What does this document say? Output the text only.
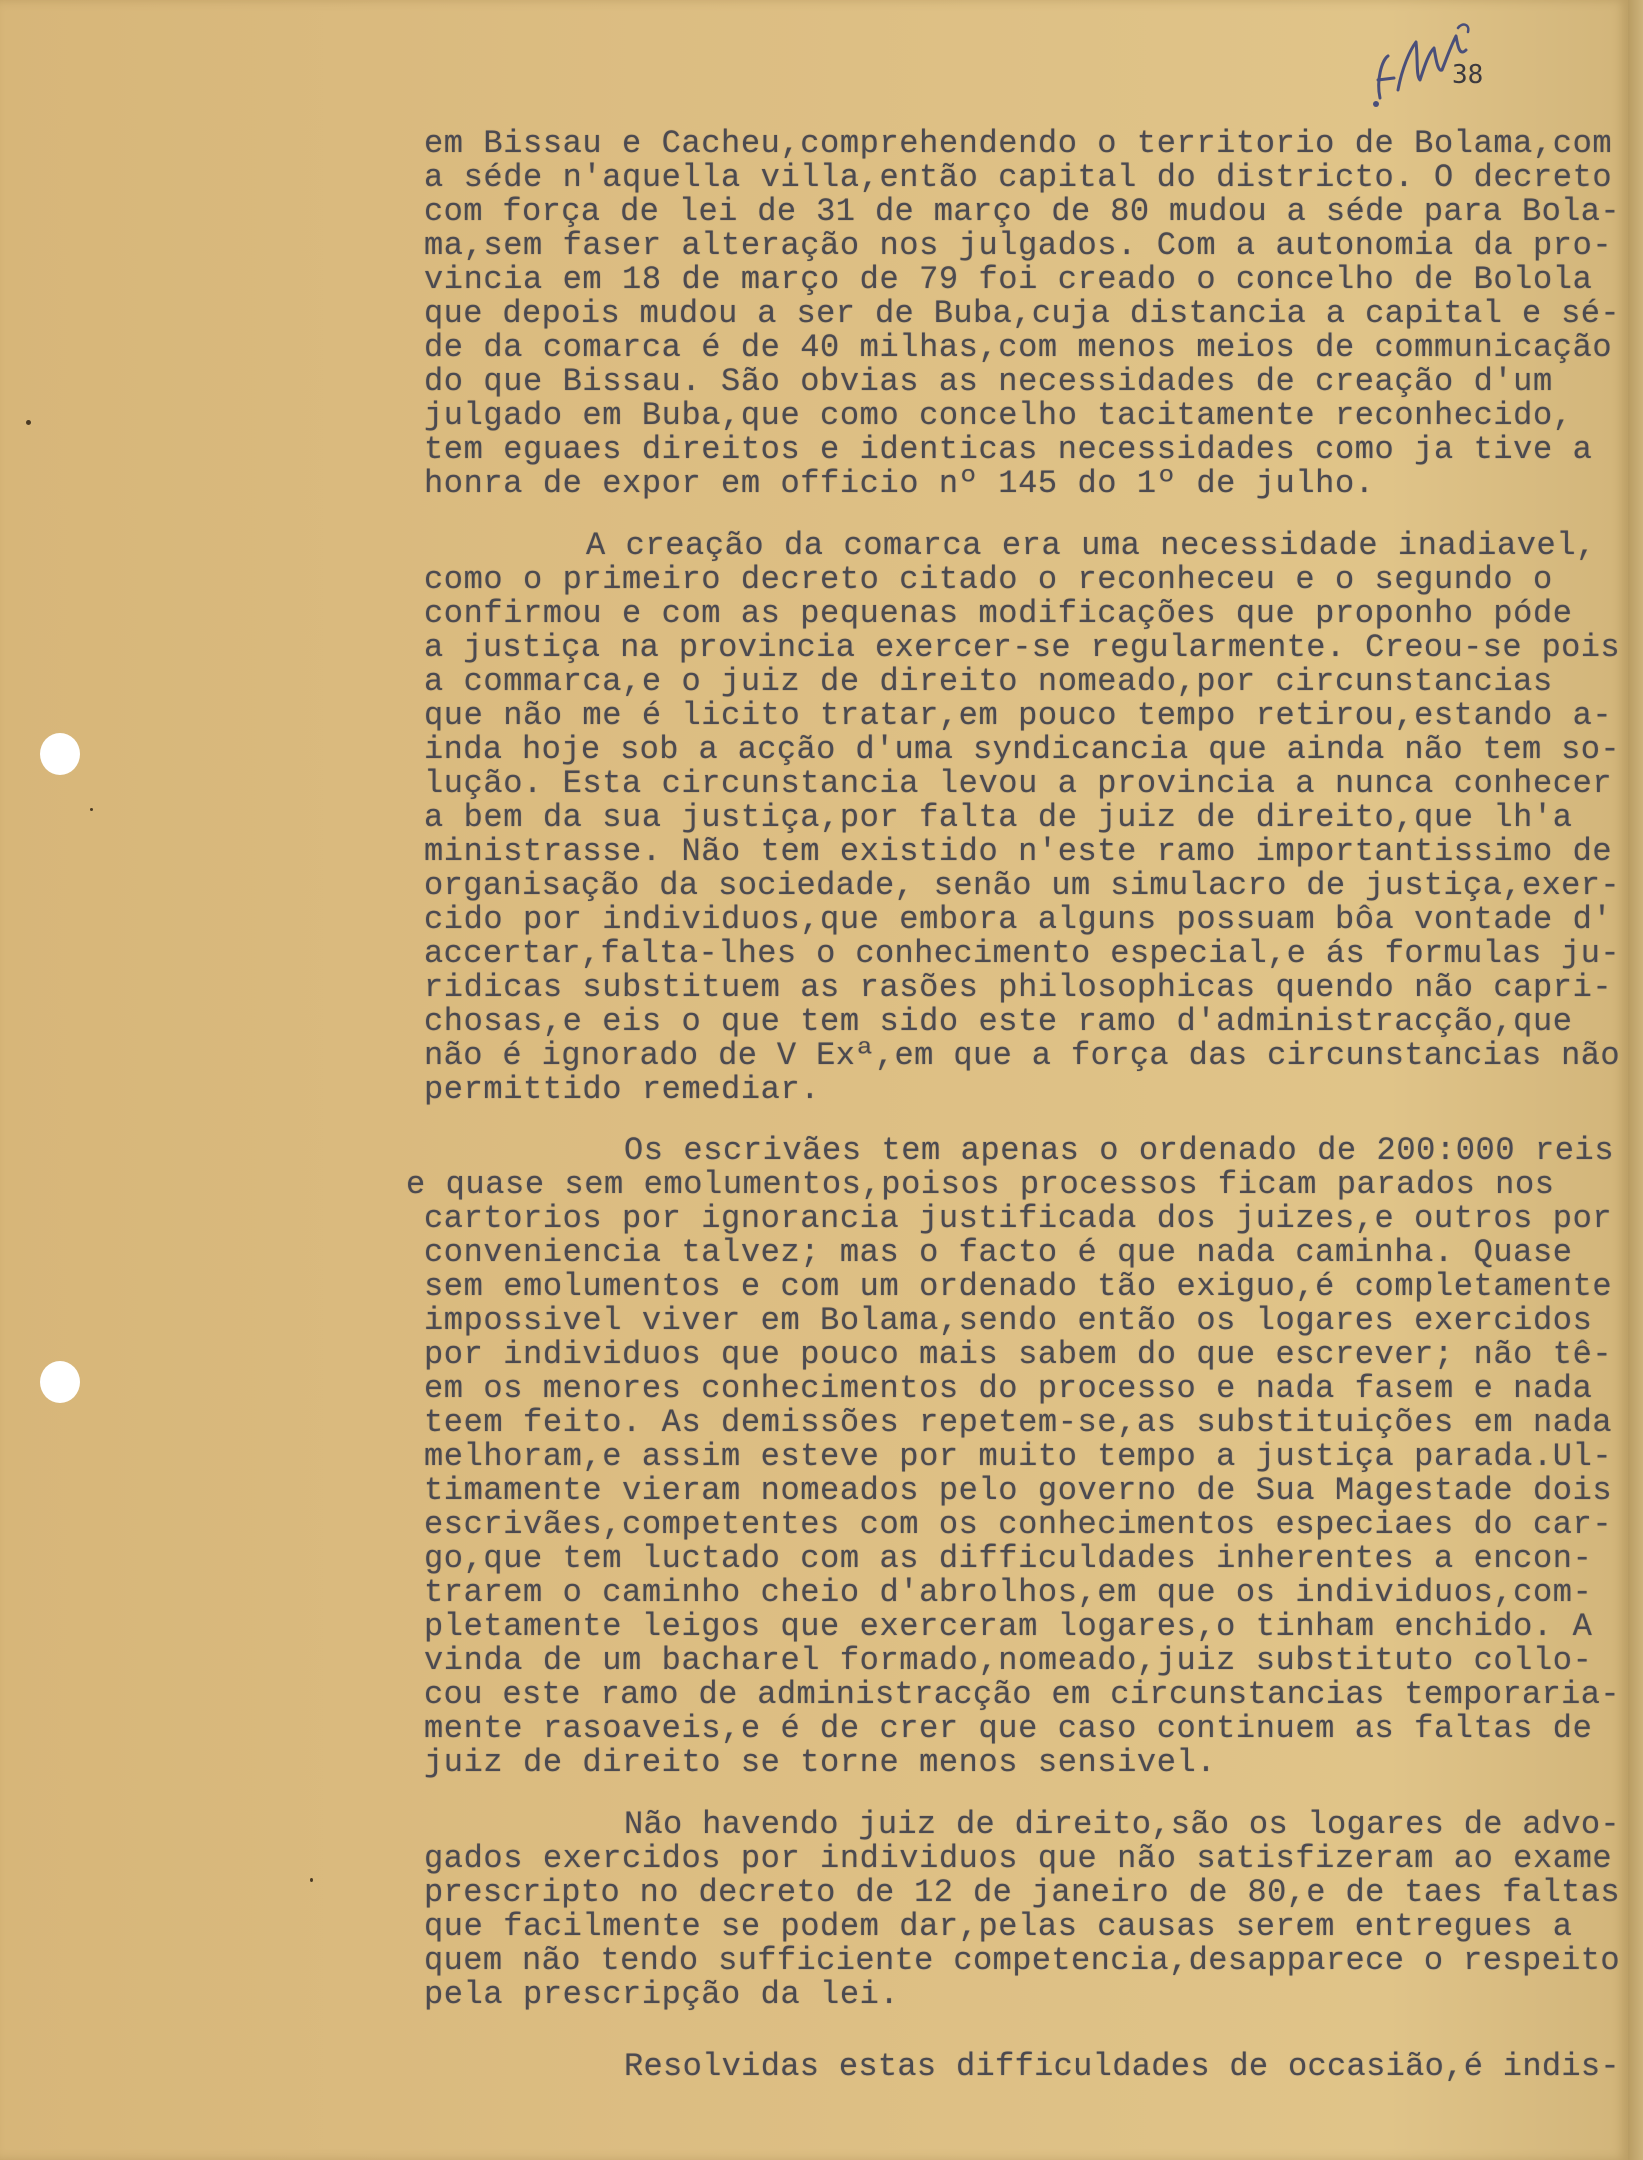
38
em Bissau e Cacheu,comprehendendo o territorio de Bolama,com
a séde n'aquella villa,então capital do districto. O decreto
com força de lei de 31 de março de 80 mudou a séde para Bola-
ma,sem faser alteração nos julgados. Com a autonomia da pro-
vincia em 18 de março de 79 foi creado o concelho de Bolola
que depois mudou a ser de Buba,cuja distancia a capital e sé-
de da comarca é de 40 milhas,com menos meios de communicação
do que Bissau. São obvias as necessidades de creação d'um
julgado em Buba,que como concelho tacitamente reconhecido,
tem eguaes direitos e identicas necessidades como ja tive a
honra de expor em officio nº 145 do 1º de julho.
A creação da comarca era uma necessidade inadiavel,
como o primeiro decreto citado o reconheceu e o segundo o
confirmou e com as pequenas modificações que proponho póde
a justiça na provincia exercer-se regularmente. Creou-se pois
a commarca,e o juiz de direito nomeado,por circunstancias
que não me é licito tratar,em pouco tempo retirou,estando a-
inda hoje sob a acção d'uma syndicancia que ainda não tem so-
lução. Esta circunstancia levou a provincia a nunca conhecer
a bem da sua justiça,por falta de juiz de direito,que lh'a
ministrasse. Não tem existido n'este ramo importantissimo de
organisação da sociedade, senão um simulacro de justiça,exer-
cido por individuos,que embora alguns possuam bôa vontade d'
accertar,falta-lhes o conhecimento especial,e ás formulas ju-
ridicas substituem as rasões philosophicas quendo não capri-
chosas,e eis o que tem sido este ramo d'administracção,que
não é ignorado de V Exª,em que a força das circunstancias não
permittido remediar.
Os escrivães tem apenas o ordenado de 200:000 reis
e quase sem emolumentos,poisos processos ficam parados nos
cartorios por ignorancia justificada dos juizes,e outros por
conveniencia talvez; mas o facto é que nada caminha. Quase
sem emolumentos e com um ordenado tão exiguo,é completamente
impossivel viver em Bolama,sendo então os logares exercidos
por individuos que pouco mais sabem do que escrever; não tê-
em os menores conhecimentos do processo e nada fasem e nada
teem feito. As demissões repetem-se,as substituições em nada
melhoram,e assim esteve por muito tempo a justiça parada.Ul-
timamente vieram nomeados pelo governo de Sua Magestade dois
escrivães,competentes com os conhecimentos especiaes do car-
go,que tem luctado com as difficuldades inherentes a encon-
trarem o caminho cheio d'abrolhos,em que os individuos,com-
pletamente leigos que exerceram logares,o tinham enchido. A
vinda de um bacharel formado,nomeado,juiz substituto collo-
cou este ramo de administracção em circunstancias temporaria-
mente rasoaveis,e é de crer que caso continuem as faltas de
juiz de direito se torne menos sensivel.
Não havendo juiz de direito,são os logares de advo-
gados exercidos por individuos que não satisfizeram ao exame
prescripto no decreto de 12 de janeiro de 80,e de taes faltas
que facilmente se podem dar,pelas causas serem entregues a
quem não tendo sufficiente competencia,desapparece o respeito
pela prescripção da lei.
Resolvidas estas difficuldades de occasião,é indis-
